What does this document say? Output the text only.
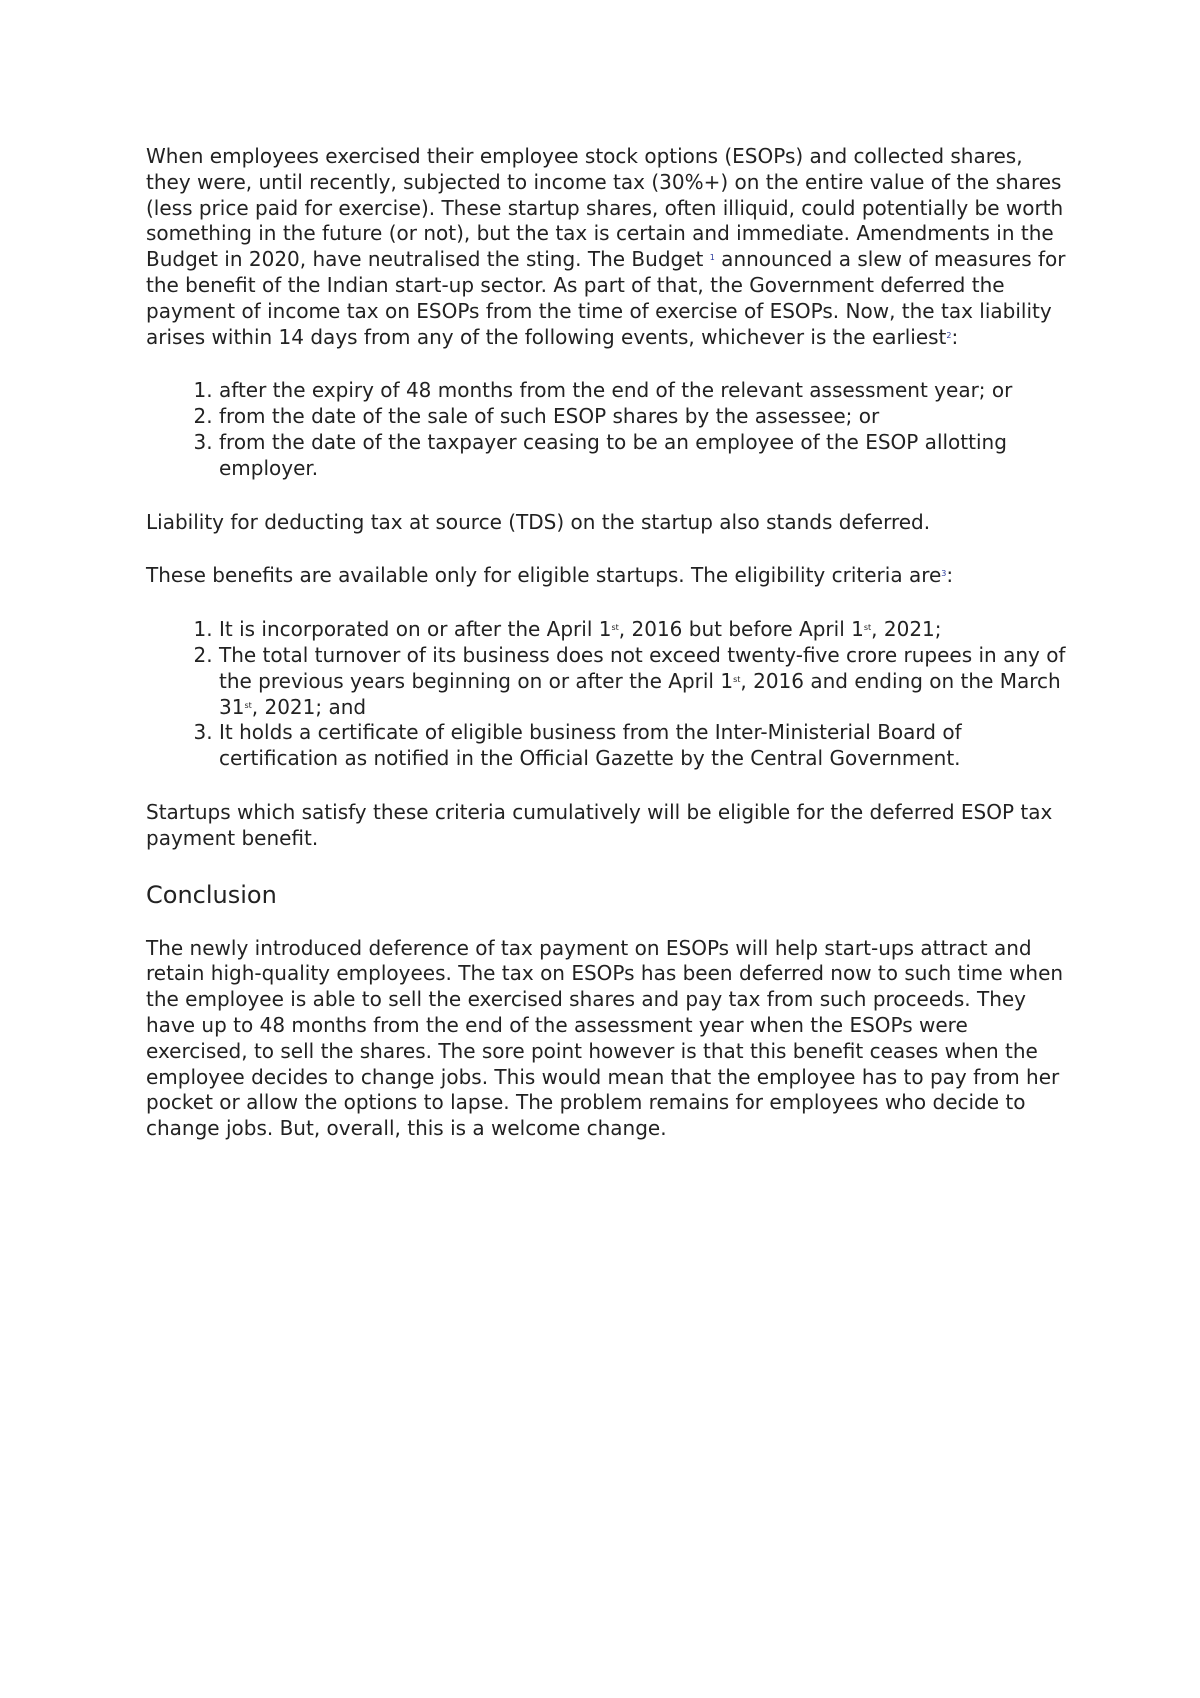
When employees exercised their employee stock options (ESOPs) and collected shares, they were, until recently, subjected to income tax (30%+) on the entire value of the shares (less price paid for exercise). These startup shares, often illiquid, could potentially be worth something in the future (or not), but the tax is certain and immediate. Amendments in the Budget in 2020, have neutralised the sting. The Budget $^1$ announced a slew of measures for the benefit of the Indian start-up sector. As part of that, the Government deferred the payment of income tax on ESOPs from the time of exercise of ESOPs. Now, the tax liability arises within 14 days from any of the following events, whichever is the earliest$^2$:

1. after the expiry of 48 months from the end of the relevant assessment year; or
2. from the date of the sale of such ESOP shares by the assessee; or
3. from the date of the taxpayer ceasing to be an employee of the ESOP allotting employer.

Liability for deducting tax at source (TDS) on the startup also stands deferred.

These benefits are available only for eligible startups. The eligibility criteria are$^3$:

1. It is incorporated on or after the April 1st, 2016 but before April 1st, 2021;
2. The total turnover of its business does not exceed twenty-five crore rupees in any of the previous years beginning on or after the April 1st, 2016 and ending on the March 31st, 2021; and
3. It holds a certificate of eligible business from the Inter-Ministerial Board of certification as notified in the Official Gazette by the Central Government.

Startups which satisfy these criteria cumulatively will be eligible for the deferred ESOP tax payment benefit.

Conclusion

The newly introduced deference of tax payment on ESOPs will help start-ups attract and retain high-quality employees. The tax on ESOPs has been deferred now to such time when the employee is able to sell the exercised shares and pay tax from such proceeds. They have up to 48 months from the end of the assessment year when the ESOPs were exercised, to sell the shares. The sore point however is that this benefit ceases when the employee decides to change jobs. This would mean that the employee has to pay from her pocket or allow the options to lapse. The problem remains for employees who decide to change jobs. But, overall, this is a welcome change.
